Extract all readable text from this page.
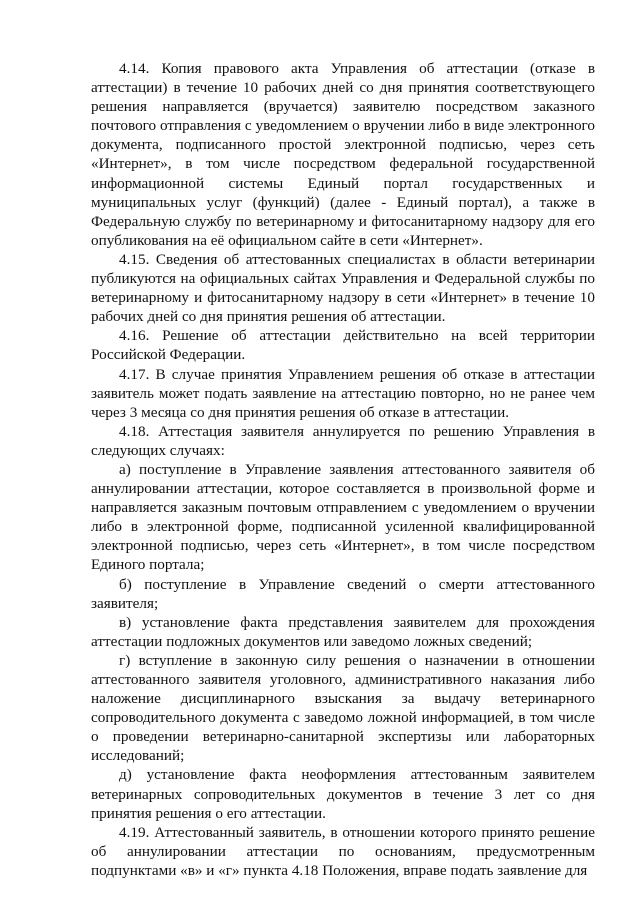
4.14. Копия правового акта Управления об аттестации (отказе в аттестации) в течение 10 рабочих дней со дня принятия соответствующего решения направляется (вручается) заявителю посредством заказного почтового отправления с уведомлением о вручении либо в виде электронного документа, подписанного простой электронной подписью, через сеть «Интернет», в том числе посредством федеральной государственной информационной системы Единый портал государственных и муниципальных услуг (функций) (далее - Единый портал), а также в Федеральную службу по ветеринарному и фитосанитарному надзору для его опубликования на её официальном сайте в сети «Интернет».

4.15. Сведения об аттестованных специалистах в области ветеринарии публикуются на официальных сайтах Управления и Федеральной службы по ветеринарному и фитосанитарному надзору в сети «Интернет» в течение 10 рабочих дней со дня принятия решения об аттестации.

4.16. Решение об аттестации действительно на всей территории Российской Федерации.

4.17. В случае принятия Управлением решения об отказе в аттестации заявитель может подать заявление на аттестацию повторно, но не ранее чем через 3 месяца со дня принятия решения об отказе в аттестации.

4.18. Аттестация заявителя аннулируется по решению Управления в следующих случаях:

а) поступление в Управление заявления аттестованного заявителя об аннулировании аттестации, которое составляется в произвольной форме и направляется заказным почтовым отправлением с уведомлением о вручении либо в электронной форме, подписанной усиленной квалифицированной электронной подписью, через сеть «Интернет», в том числе посредством Единого портала;

б) поступление в Управление сведений о смерти аттестованного заявителя;

в) установление факта представления заявителем для прохождения аттестации подложных документов или заведомо ложных сведений;

г) вступление в законную силу решения о назначении в отношении аттестованного заявителя уголовного, административного наказания либо наложение дисциплинарного взыскания за выдачу ветеринарного сопроводительного документа с заведомо ложной информацией, в том числе о проведении ветеринарно-санитарной экспертизы или лабораторных исследований;

д) установление факта неоформления аттестованным заявителем ветеринарных сопроводительных документов в течение 3 лет со дня принятия решения о его аттестации.

4.19. Аттестованный заявитель, в отношении которого принято решение об аннулировании аттестации по основаниям, предусмотренным подпунктами «в» и «г» пункта 4.18 Положения, вправе подать заявление для
